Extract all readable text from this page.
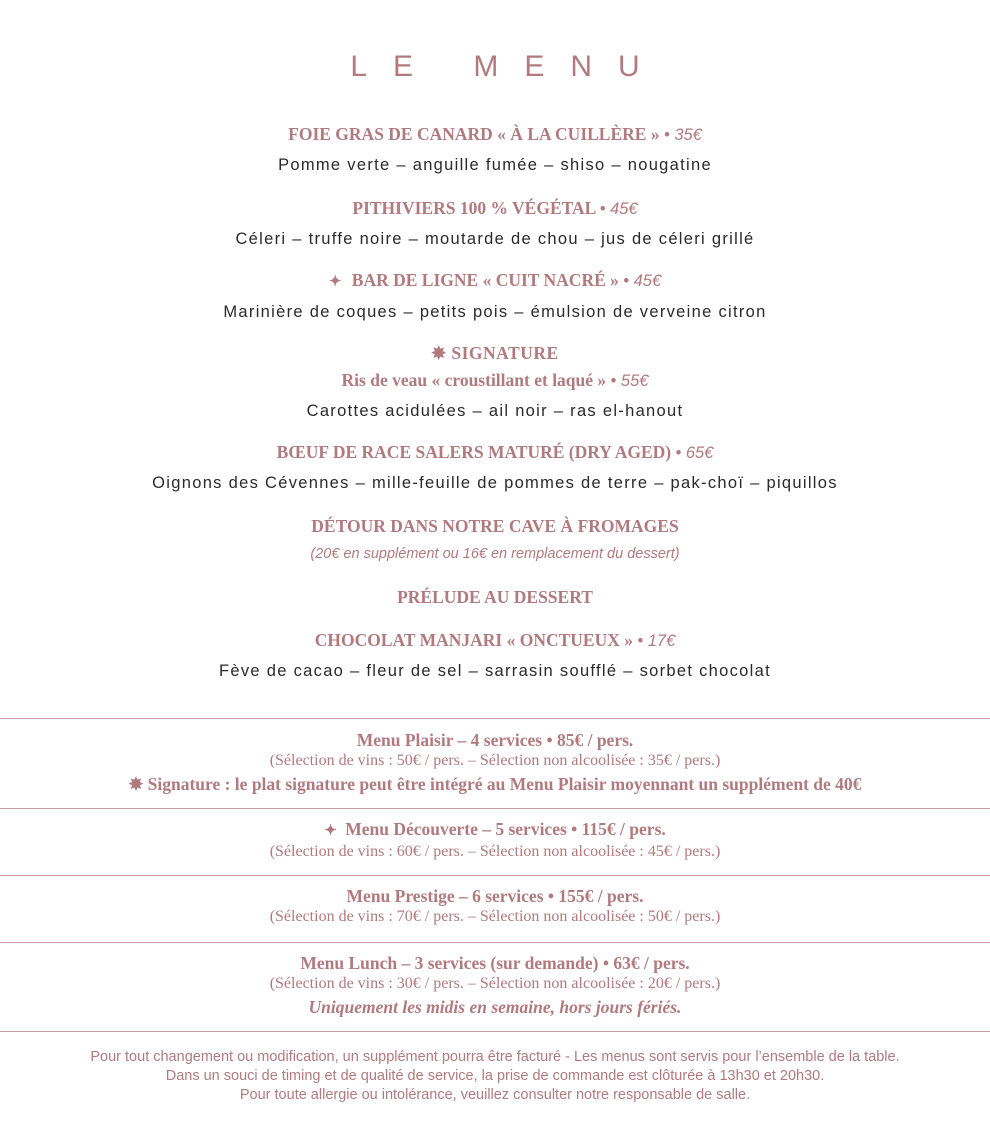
LE MENU
FOIE GRAS DE CANARD « À LA CUILLÈRE » • 35€
Pomme verte – anguille fumée – shiso – nougatine
PITHIVIERS 100 % VÉGÉTAL • 45€
Céleri – truffe noire – moutarde de chou – jus de céleri grillé
✦ BAR DE LIGNE « CUIT NACRÉ » • 45€
Marinière de coques – petits pois – émulsion de verveine citron
✸ SIGNATURE
Ris de veau « croustillant et laqué » • 55€
Carottes acidulées – ail noir – ras el-hanout
BŒUF DE RACE SALERS MATURÉ (DRY AGED) • 65€
Oignons des Cévennes – mille-feuille de pommes de terre – pak-choï – piquillos
DÉTOUR DANS NOTRE CAVE À FROMAGES
(20€ en supplément ou 16€ en remplacement du dessert)
PRÉLUDE AU DESSERT
CHOCOLAT MANJARI « ONCTUEUX » • 17€
Fève de cacao – fleur de sel – sarrasin soufflé – sorbet chocolat
Menu Plaisir – 4 services • 85€ / pers.
(Sélection de vins : 50€ / pers. – Sélection non alcoolisée : 35€ / pers.)
✸ Signature : le plat signature peut être intégré au Menu Plaisir moyennant un supplément de 40€
✦ Menu Découverte – 5 services • 115€ / pers.
(Sélection de vins : 60€ / pers. – Sélection non alcoolisée : 45€ / pers.)
Menu Prestige – 6 services • 155€ / pers.
(Sélection de vins : 70€ / pers. – Sélection non alcoolisée : 50€ / pers.)
Menu Lunch – 3 services (sur demande) • 63€ / pers.
(Sélection de vins : 30€ / pers. – Sélection non alcoolisée : 20€ / pers.)
Uniquement les midis en semaine, hors jours fériés.
Pour tout changement ou modification, un supplément pourra être facturé - Les menus sont servis pour l’ensemble de la table.
Dans un souci de timing et de qualité de service, la prise de commande est clôturée à 13h30 et 20h30.
Pour toute allergie ou intolérance, veuillez consulter notre responsable de salle.
